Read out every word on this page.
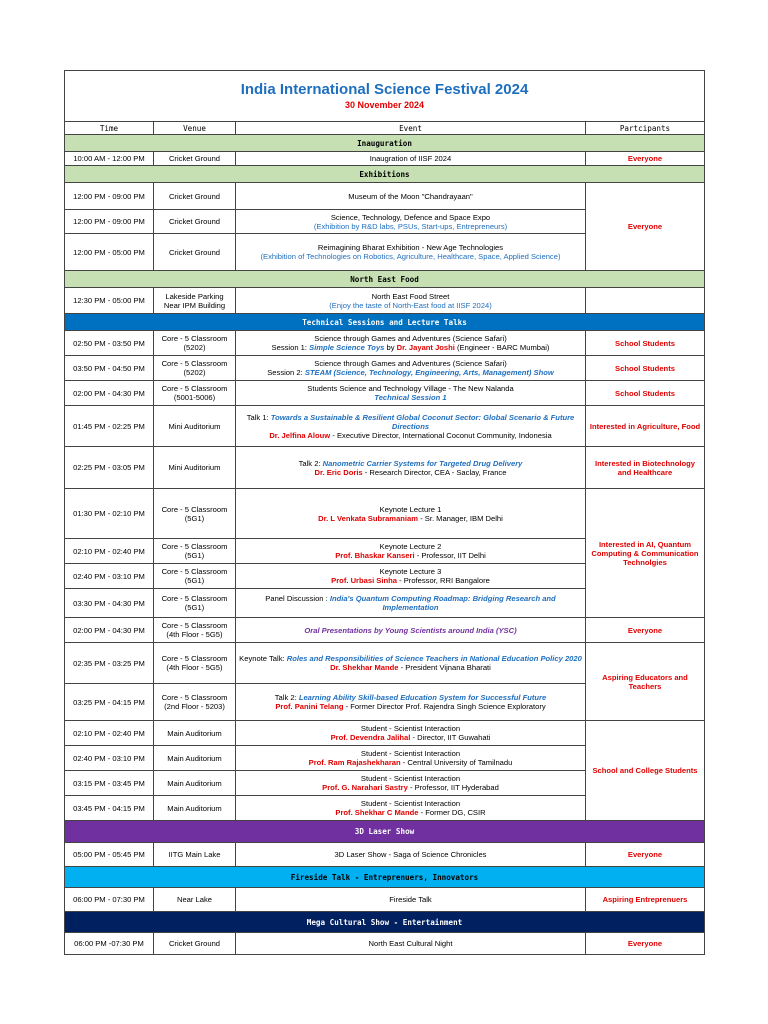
India International Science Festival 2024
30 November 2024			

Time	Venue	Event	Partcipants
Inauguration			
10:00 AM - 12:00 PM	Cricket Ground	Inaugration of IISF 2024	Everyone
Exhibitions			
12:00 PM - 09:00 PM	Cricket Ground	Museum of the Moon "Chandrayaan"	Everyone
12:00 PM - 09:00 PM	Cricket Ground	Science, Technology, Defence and Space Expo
(Exhibition by R&D labs, PSUs, Start-ups, Entrepreneurs)	

12:00 PM - 05:00 PM	Cricket Ground	Reimagining Bharat Exhibition - New Age Technologies
(Exhibition of Technologies on Robotics, Agriculture, Healthcare, Space, Applied Science)	

North East Food			
12:30 PM - 05:00 PM	Lakeside Parking
Near IPM Building	North East Food Street
(Enjoy the taste of North-East food at IISF 2024)	

Technical Sessions and Lecture Talks			
02:50 PM - 03:50 PM	Core - 5 Classroom
(5202)	Science through Games and Adventures (Science Safari)
Session 1: Simple Science Toys by Dr. Jayant Joshi (Engineer - BARC Mumbai)	School Students
03:50 PM - 04:50 PM	Core - 5 Classroom
(5202)	Science through Games and Adventures (Science Safari)
Session 2: STEAM (Science, Technology, Engineering, Arts, Management) Show	School Students
02:00 PM - 04:30 PM	Core - 5 Classroom
(5001-5006)	Students Science and Technology Village - The New Nalanda
Technical Session 1	School Students
01:45 PM - 02:25 PM	Mini Auditorium	Talk 1: Towards a Sustainable & Resilient Global Coconut Sector: Global Scenario & Future Directions
Dr. Jelfina Alouw - Executive Director, International Coconut Community, Indonesia	Interested in Agriculture, Food
02:25 PM - 03:05 PM	Mini Auditorium	Talk 2: Nanometric Carrier Systems for Targeted Drug Delivery
Dr. Eric Doris - Research Director, CEA - Saclay, France	Interested in Biotechnology and Healthcare
01:30 PM - 02:10 PM	Core - 5 Classroom
(5G1)	Keynote Lecture 1
Dr. L Venkata Subramaniam - Sr. Manager, IBM Delhi	Interested in AI, Quantum Computing & Communication Technolgies
02:10 PM - 02:40 PM	Core - 5 Classroom
(5G1)	Keynote Lecture 2
Prof. Bhaskar Kanseri - Professor, IIT Delhi	

02:40 PM - 03:10 PM	Core - 5 Classroom
(5G1)	Keynote Lecture 3
Prof. Urbasi Sinha - Professor, RRI Bangalore	

03:30 PM - 04:30 PM	Core - 5 Classroom
(5G1)	Panel Discussion : India's Quantum Computing Roadmap: Bridging Research and Implementation	

02:00 PM - 04:30 PM	Core - 5 Classroom
(4th Floor - 5G5)	Oral Presentations by Young Scientists around India (YSC)	Everyone
02:35 PM - 03:25 PM	Core - 5 Classroom
(4th Floor - 5G5)	Keynote Talk: Roles and Responsibilities of Science Teachers in National Education Policy 2020
Dr. Shekhar Mande - President Vijnana Bharati	Aspiring Educators and Teachers
03:25 PM - 04:15 PM	Core - 5 Classroom
(2nd Floor - 5203)	Talk 2: Learning Ability Skill-based Education System for Successful Future
Prof. Panini Telang - Former Director Prof. Rajendra Singh Science Exploratory	

02:10 PM - 02:40 PM	Main Auditorium	Student - Scientist Interaction
Prof. Devendra Jalihal - Director, IIT Guwahati	School and College Students
02:40 PM - 03:10 PM	Main Auditorium	Student - Scientist Interaction
Prof. Ram Rajashekharan - Central University of Tamilnadu	

03:15 PM - 03:45 PM	Main Auditorium	Student - Scientist Interaction
Prof. G. Narahari Sastry - Professor, IIT Hyderabad	

03:45 PM - 04:15 PM	Main Auditorium	Student - Scientist Interaction
Prof. Shekhar C Mande - Former DG, CSIR	

3D Laser Show			
05:00 PM - 05:45 PM	IITG Main Lake	3D Laser Show - Saga of Science Chronicles	Everyone
Fireside Talk - Entreprenuers, Innovators			
06:00 PM - 07:30 PM	Near Lake	Fireside Talk	Aspiring Entreprenuers
Mega Cultural Show - Entertainment			
06:00 PM -07:30 PM	Cricket Ground	North East Cultural Night	Everyone
